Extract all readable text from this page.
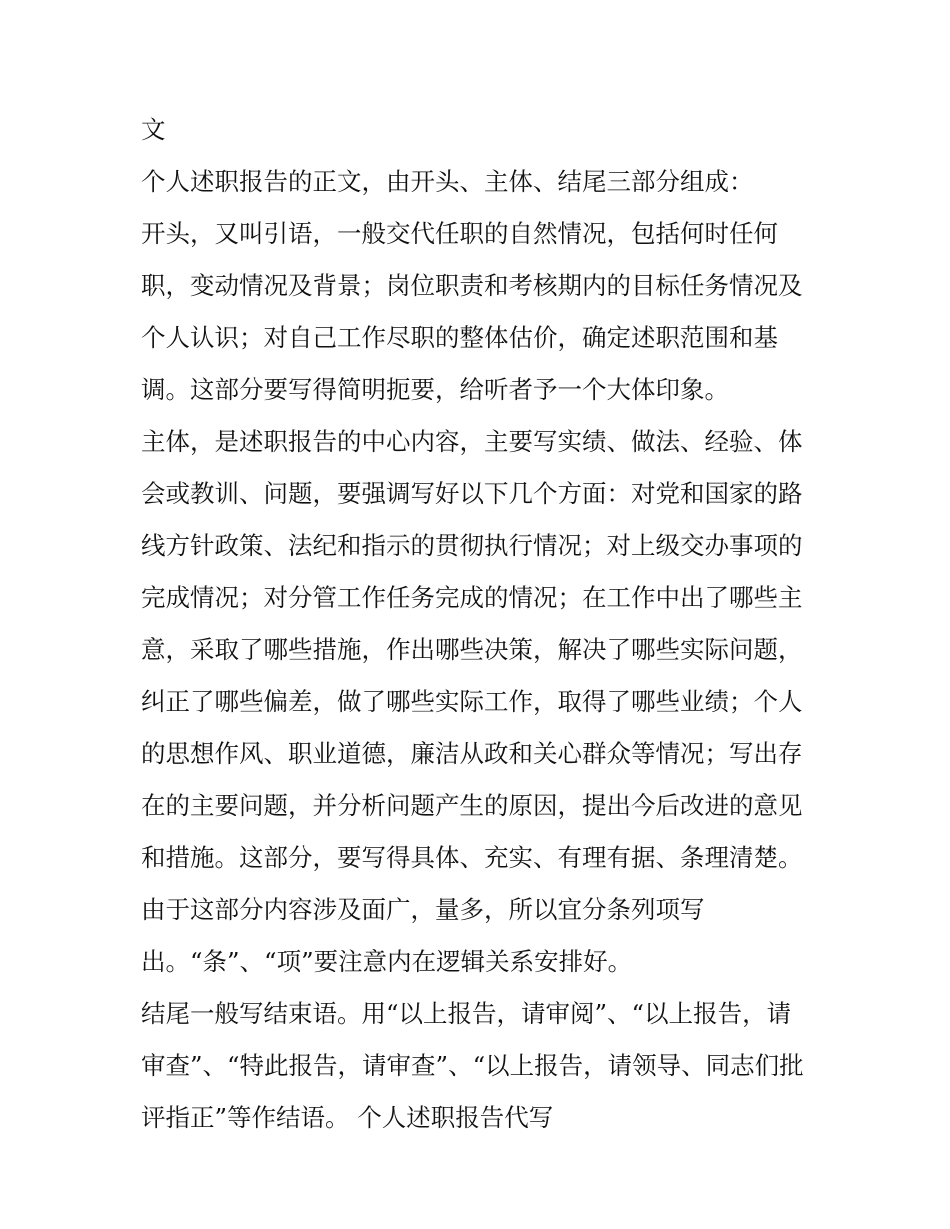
文
个人述职报告的正文，由开头、主体、结尾三部分组成：
开头，又叫引语，一般交代任职的自然情况，包括何时任何
职，变动情况及背景；岗位职责和考核期内的目标任务情况及
个人认识；对自己工作尽职的整体估价，确定述职范围和基
调。这部分要写得简明扼要，给听者予一个大体印象。
主体，是述职报告的中心内容，主要写实绩、做法、经验、体
会或教训、问题，要强调写好以下几个方面：对党和国家的路
线方针政策、法纪和指示的贯彻执行情况；对上级交办事项的
完成情况；对分管工作任务完成的情况；在工作中出了哪些主
意，采取了哪些措施，作出哪些决策，解决了哪些实际问题，
纠正了哪些偏差，做了哪些实际工作，取得了哪些业绩；个人
的思想作风、职业道德，廉洁从政和关心群众等情况；写出存
在的主要问题，并分析问题产生的原因，提出今后改进的意见
和措施。这部分，要写得具体、充实、有理有据、条理清楚。
由于这部分内容涉及面广，量多，所以宜分条列项写
出。“条”、“项”要注意内在逻辑关系安排好。
结尾一般写结束语。用“以上报告，请审阅”、“以上报告，请
审查”、“特此报告，请审查”、“以上报告，请领导、同志们批
评指正”等作结语。 个人述职报告代写
